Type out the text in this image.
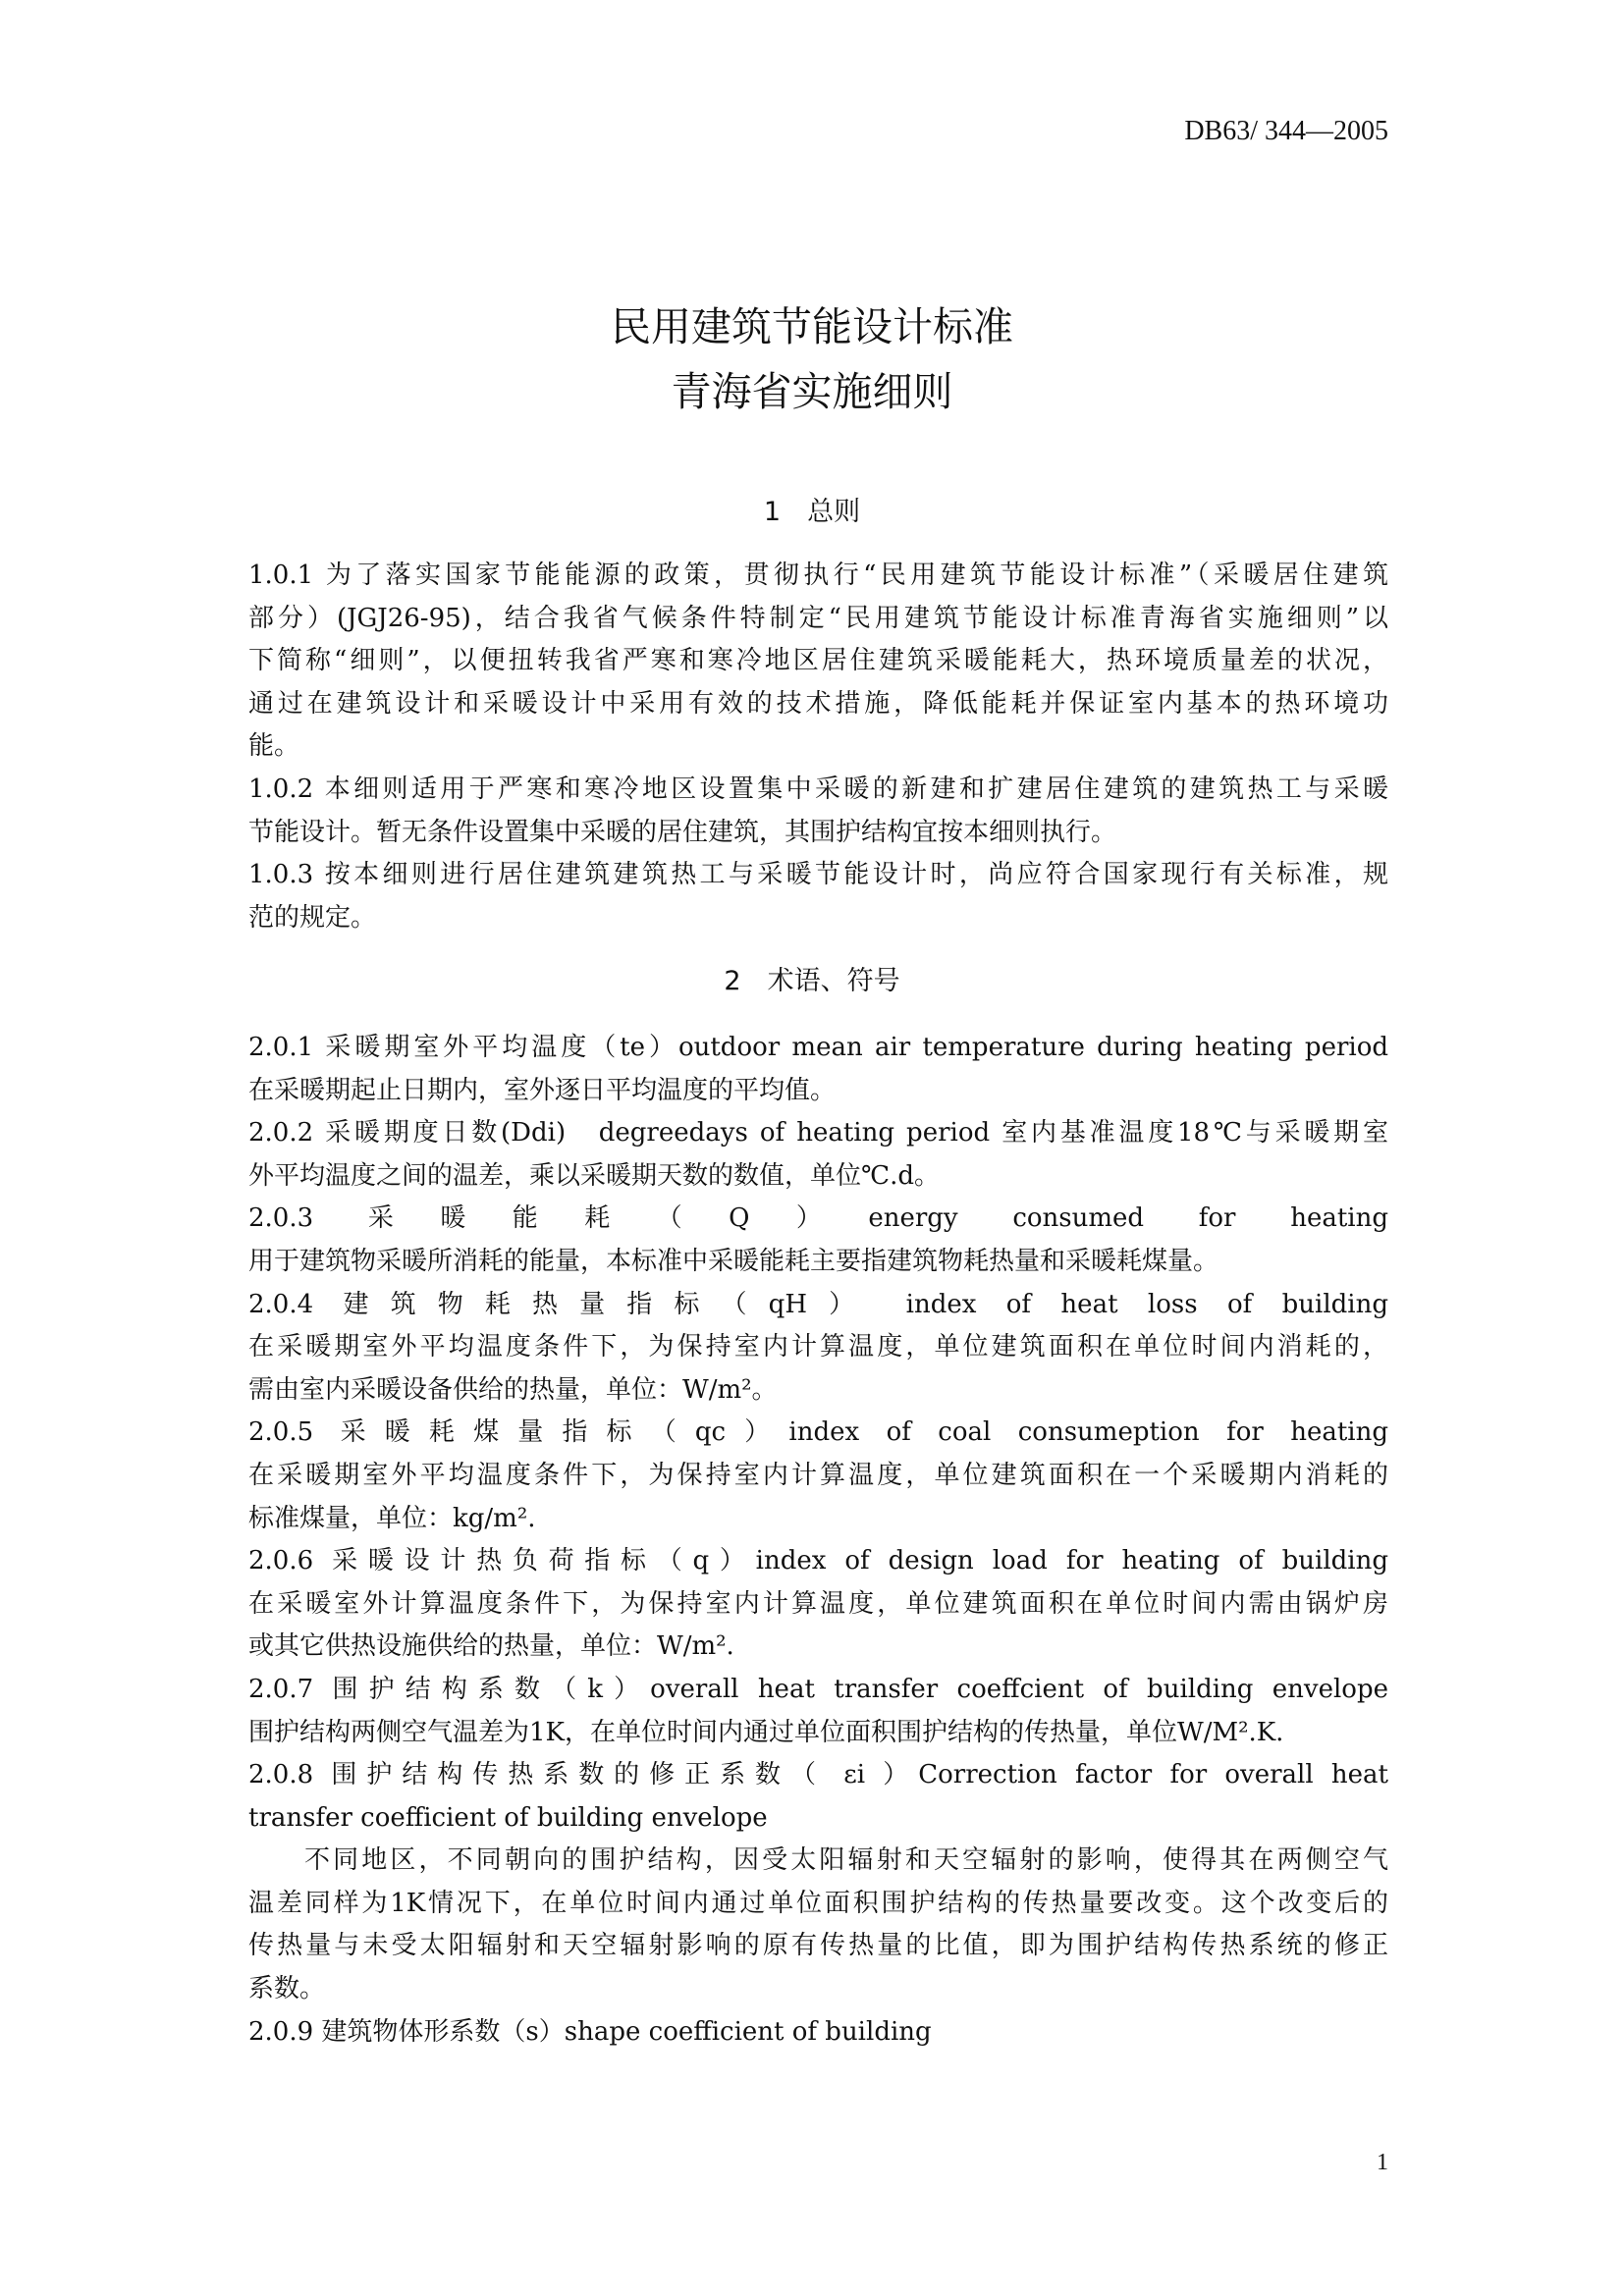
DB63/ 344—2005
民用建筑节能设计标准
青海省实施细则
1　总则
1.0.1 为了落实国家节能能源的政策，贯彻执行“民用建筑节能设计标准”（采暖居住建筑
部分）(JGJ26-95)，结合我省气候条件特制定“民用建筑节能设计标准青海省实施细则”以
下简称“细则”，以便扭转我省严寒和寒冷地区居住建筑采暖能耗大，热环境质量差的状况，
通过在建筑设计和采暖设计中采用有效的技术措施，降低能耗并保证室内基本的热环境功
能。
1.0.2 本细则适用于严寒和寒冷地区设置集中采暖的新建和扩建居住建筑的建筑热工与采暖
节能设计。暂无条件设置集中采暖的居住建筑，其围护结构宜按本细则执行。
1.0.3 按本细则进行居住建筑建筑热工与采暖节能设计时，尚应符合国家现行有关标准，规
范的规定。
2　术语、符号
2.0.1 采暖期室外平均温度（te）outdoor mean air temperature during heating period
在采暖期起止日期内，室外逐日平均温度的平均值。
2.0.2 采暖期度日数(Ddi)　degreedays of heating period 室内基准温度18℃与采暖期室
外平均温度之间的温差，乘以采暖期天数的数值，单位℃.d。
2.0.3 采暖能耗（Q）energy consumed for heating
用于建筑物采暖所消耗的能量，本标准中采暖能耗主要指建筑物耗热量和采暖耗煤量。
2.0.4 建筑物耗热量指标（qH） index of heat loss of building
在采暖期室外平均温度条件下，为保持室内计算温度，单位建筑面积在单位时间内消耗的，
需由室内采暖设备供给的热量，单位：W/m²。
2.0.5 采暖耗煤量指标（qc）index of coal consumeption for heating
在采暖期室外平均温度条件下，为保持室内计算温度，单位建筑面积在一个采暖期内消耗的
标准煤量，单位：kg/m².
2.0.6 采暖设计热负荷指标（q）index of design load for heating of building
在采暖室外计算温度条件下，为保持室内计算温度，单位建筑面积在单位时间内需由锅炉房
或其它供热设施供给的热量，单位：W/m².
2.0.7 围护结构系数（k）overall heat transfer coeffcient of building envelope
围护结构两侧空气温差为1K，在单位时间内通过单位面积围护结构的传热量，单位W/M².K.
2.0.8 围护结构传热系数的修正系数（ εi ）Correction factor for overall heat
transfer coefficient of building envelope
不同地区，不同朝向的围护结构，因受太阳辐射和天空辐射的影响，使得其在两侧空气
温差同样为1K情况下，在单位时间内通过单位面积围护结构的传热量要改变。这个改变后的
传热量与未受太阳辐射和天空辐射影响的原有传热量的比值，即为围护结构传热系统的修正
系数。
2.0.9 建筑物体形系数（s）shape coefficient of building
1
